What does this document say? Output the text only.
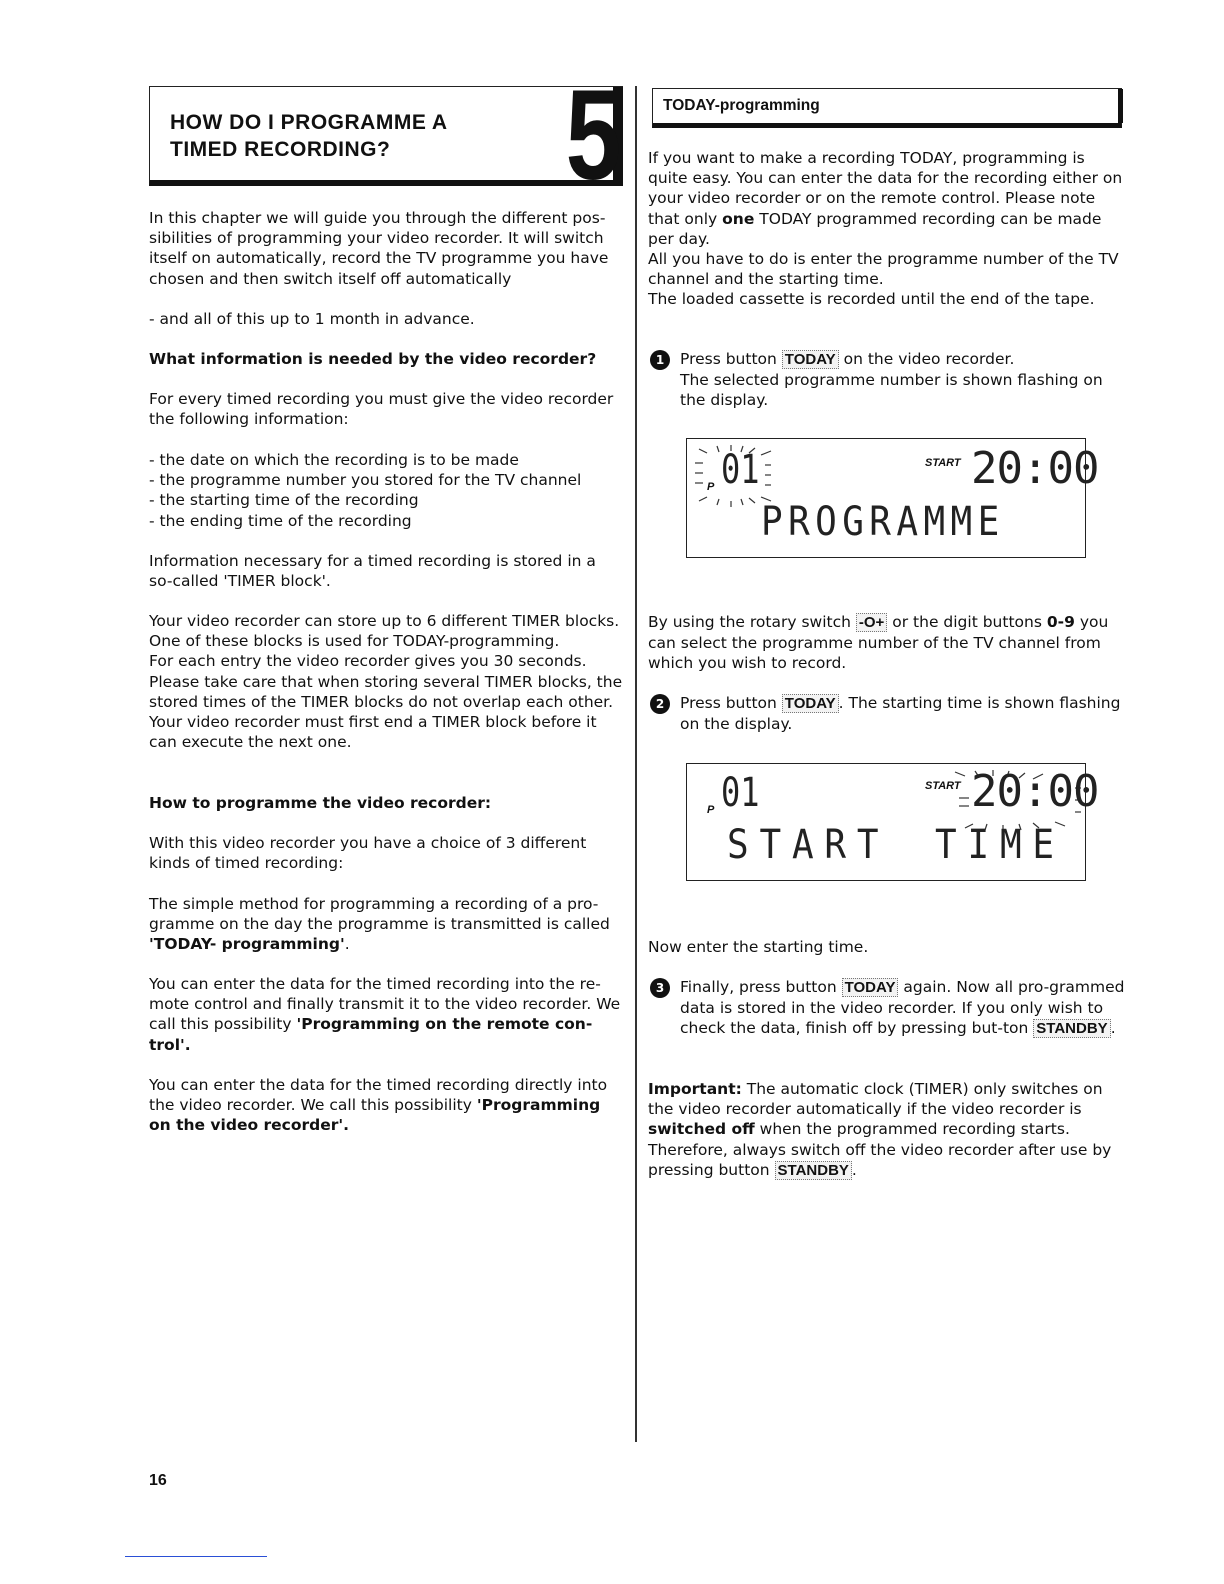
HOW DO I PROGRAMME A
TIMED RECORDING?	5

In this chapter we will guide you through the different pos-sibilities of programming your video recorder. It will switch itself on automatically, record the TV programme you have chosen and then switch itself off automatically

- and all of this up to 1 month in advance.

What information is needed by the video recorder?

For every timed recording you must give the video recorder the following information:

- the date on which the recording is to be made
- the programme number you stored for the TV channel
- the starting time of the recording
- the ending time of the recording

Information necessary for a timed recording is stored in a so-called 'TIMER block'.

Your video recorder can store up to 6 different TIMER blocks.
One of these blocks is used for TODAY-programming.
For each entry the video recorder gives you 30 seconds.
Please take care that when storing several TIMER blocks, the stored times of the TIMER blocks do not overlap each other. Your video recorder must first end a TIMER block before it can execute the next one.

How to programme the video recorder:

With this video recorder you have a choice of 3 different kinds of timed recording:

The simple method for programming a recording of a pro-gramme on the day the programme is transmitted is called 'TODAY- programming'.

You can enter the data for the timed recording into the re-mote control and finally transmit it to the video recorder. We call this possibility 'Programming on the remote con-trol'.

You can enter the data for the timed recording directly into the video recorder. We call this possibility 'Programming on the video recorder'.

TODAY-programming

If you want to make a recording TODAY, programming is quite easy. You can enter the data for the recording either on your video recorder or on the remote control. Please note that only one TODAY programmed recording can be made per day.
All you have to do is enter the programme number of the TV channel and the starting time.
The loaded cassette is recorded until the end of the tape.

1	Press button TODAY on the video recorder.
The selected programme number is shown flashing on the display.
P 01	START 20:00
PROGRAMME

By using the rotary switch -O+ or the digit buttons 0-9 you can select the programme number of the TV channel from which you wish to record.

2	Press button TODAY . The starting time is shown flashing on the display.
P 01	START 20:00
START TIME

Now enter the starting time.

3	Finally, press button TODAY again. Now all pro-grammed data is stored in the video recorder. If you only wish to check the data, finish off by pressing but-ton STANDBY .

Important: The automatic clock (TIMER) only switches on the video recorder automatically if the video recorder is switched off when the programmed recording starts. Therefore, always switch off the video recorder after use by pressing button STANDBY .

16
